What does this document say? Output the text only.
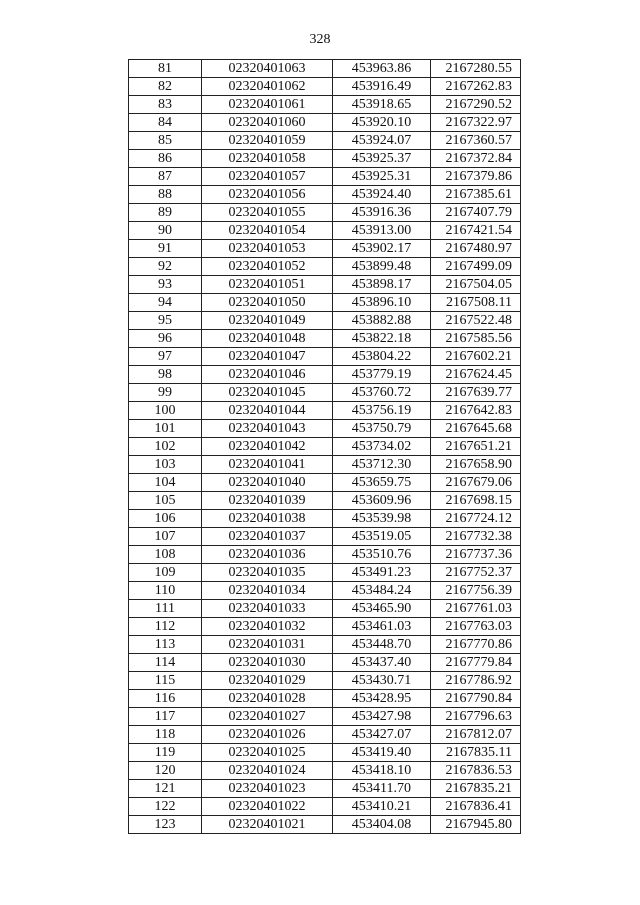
328
81	02320401063	453963.86	2167280.55
82	02320401062	453916.49	2167262.83
83	02320401061	453918.65	2167290.52
84	02320401060	453920.10	2167322.97
85	02320401059	453924.07	2167360.57
86	02320401058	453925.37	2167372.84
87	02320401057	453925.31	2167379.86
88	02320401056	453924.40	2167385.61
89	02320401055	453916.36	2167407.79
90	02320401054	453913.00	2167421.54
91	02320401053	453902.17	2167480.97
92	02320401052	453899.48	2167499.09
93	02320401051	453898.17	2167504.05
94	02320401050	453896.10	2167508.11
95	02320401049	453882.88	2167522.48
96	02320401048	453822.18	2167585.56
97	02320401047	453804.22	2167602.21
98	02320401046	453779.19	2167624.45
99	02320401045	453760.72	2167639.77
100	02320401044	453756.19	2167642.83
101	02320401043	453750.79	2167645.68
102	02320401042	453734.02	2167651.21
103	02320401041	453712.30	2167658.90
104	02320401040	453659.75	2167679.06
105	02320401039	453609.96	2167698.15
106	02320401038	453539.98	2167724.12
107	02320401037	453519.05	2167732.38
108	02320401036	453510.76	2167737.36
109	02320401035	453491.23	2167752.37
110	02320401034	453484.24	2167756.39
111	02320401033	453465.90	2167761.03
112	02320401032	453461.03	2167763.03
113	02320401031	453448.70	2167770.86
114	02320401030	453437.40	2167779.84
115	02320401029	453430.71	2167786.92
116	02320401028	453428.95	2167790.84
117	02320401027	453427.98	2167796.63
118	02320401026	453427.07	2167812.07
119	02320401025	453419.40	2167835.11
120	02320401024	453418.10	2167836.53
121	02320401023	453411.70	2167835.21
122	02320401022	453410.21	2167836.41
123	02320401021	453404.08	2167945.80
